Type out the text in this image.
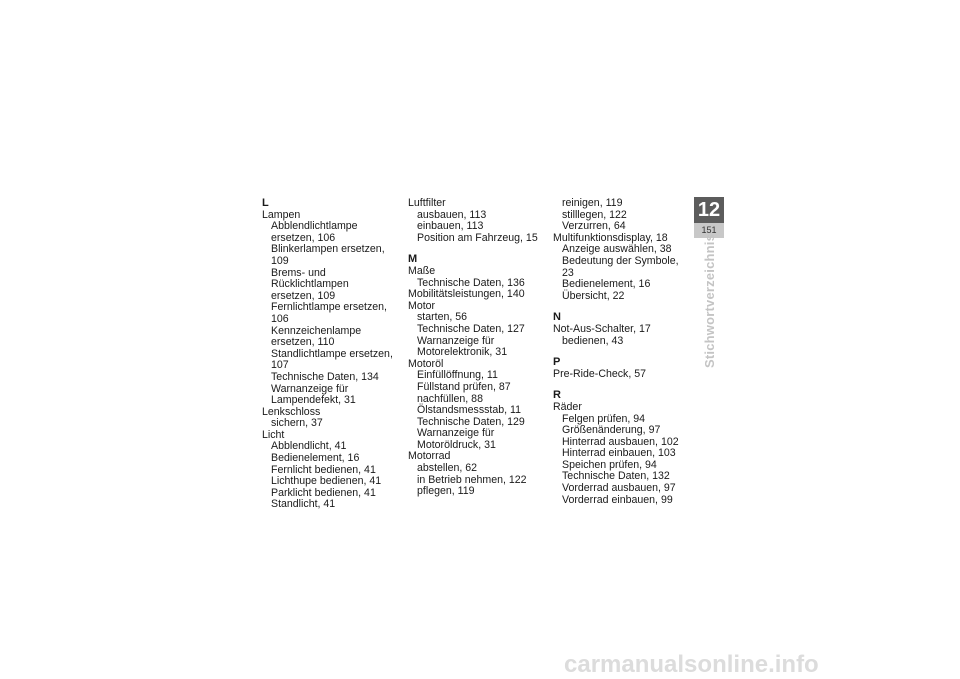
L
Lampen
Abblendlichtlampe
ersetzen, 106
Blinkerlampen ersetzen, 109
Brems- und Rücklichtlampen
ersetzen, 109
Fernlichtlampe ersetzen, 106
Kennzeichenlampe
ersetzen, 110
Standlichtlampe ersetzen, 107
Technische Daten, 134
Warnanzeige für
Lampendefekt, 31
Lenkschloss
sichern, 37
Licht
Abblendlicht, 41
Bedienelement, 16
Fernlicht bedienen, 41
Lichthupe bedienen, 41
Parklicht bedienen, 41
Standlicht, 41
Luftfilter
ausbauen, 113
einbauen, 113
Position am Fahrzeug, 15
M
Maße
Technische Daten, 136
Mobilitätsleistungen, 140
Motor
starten, 56
Technische Daten, 127
Warnanzeige für
Motorelektronik, 31
Motoröl
Einfüllöffnung, 11
Füllstand prüfen, 87
nachfüllen, 88
Ölstandsmessstab, 11
Technische Daten, 129
Warnanzeige für
Motoröldruck, 31
Motorrad
abstellen, 62
in Betrieb nehmen, 122
pflegen, 119
reinigen, 119
stilllegen, 122
Verzurren, 64
Multifunktionsdisplay, 18
Anzeige auswählen, 38
Bedeutung der Symbole, 23
Bedienelement, 16
Übersicht, 22
N
Not-Aus-Schalter, 17
bedienen, 43
P
Pre-Ride-Check, 57
R
Räder
Felgen prüfen, 94
Größenänderung, 97
Hinterrad ausbauen, 102
Hinterrad einbauen, 103
Speichen prüfen, 94
Technische Daten, 132
Vorderrad ausbauen, 97
Vorderrad einbauen, 99
12
151
Stichwortverzeichnis
carmanualsonline.info
